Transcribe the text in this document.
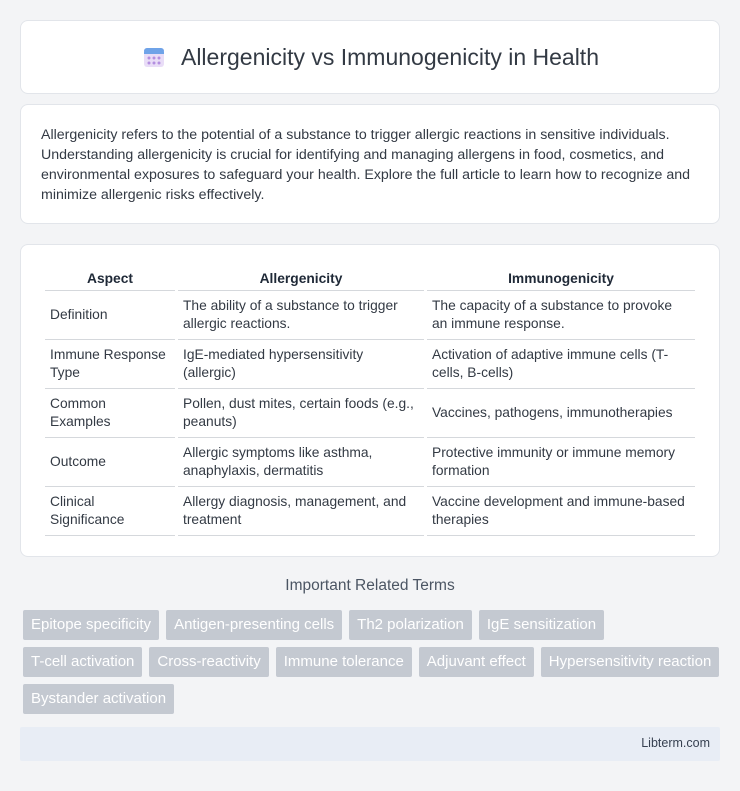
Allergenicity vs Immunogenicity in Health

Allergenicity refers to the potential of a substance to trigger allergic reactions in sensitive individuals. Understanding allergenicity is crucial for identifying and managing allergens in food, cosmetics, and environmental exposures to safeguard your health. Explore the full article to learn how to recognize and minimize allergenic risks effectively.

Aspect	Allergenicity	Immunogenicity
Definition	The ability of a substance to trigger allergic reactions.	The capacity of a substance to provoke an immune response.
Immune Response Type	IgE-mediated hypersensitivity (allergic)	Activation of adaptive immune cells (T-cells, B-cells)
Common Examples	Pollen, dust mites, certain foods (e.g., peanuts)	Vaccines, pathogens, immunotherapies
Outcome	Allergic symptoms like asthma, anaphylaxis, dermatitis	Protective immunity or immune memory formation
Clinical Significance	Allergy diagnosis, management, and treatment	Vaccine development and immune-based therapies
Important Related Terms
Epitope specificity	Antigen-presenting cells	Th2 polarization	IgE sensitization
T-cell activation	Cross-reactivity	Immune tolerance	Adjuvant effect	Hypersensitivity reaction
Bystander activation
Libterm.com
